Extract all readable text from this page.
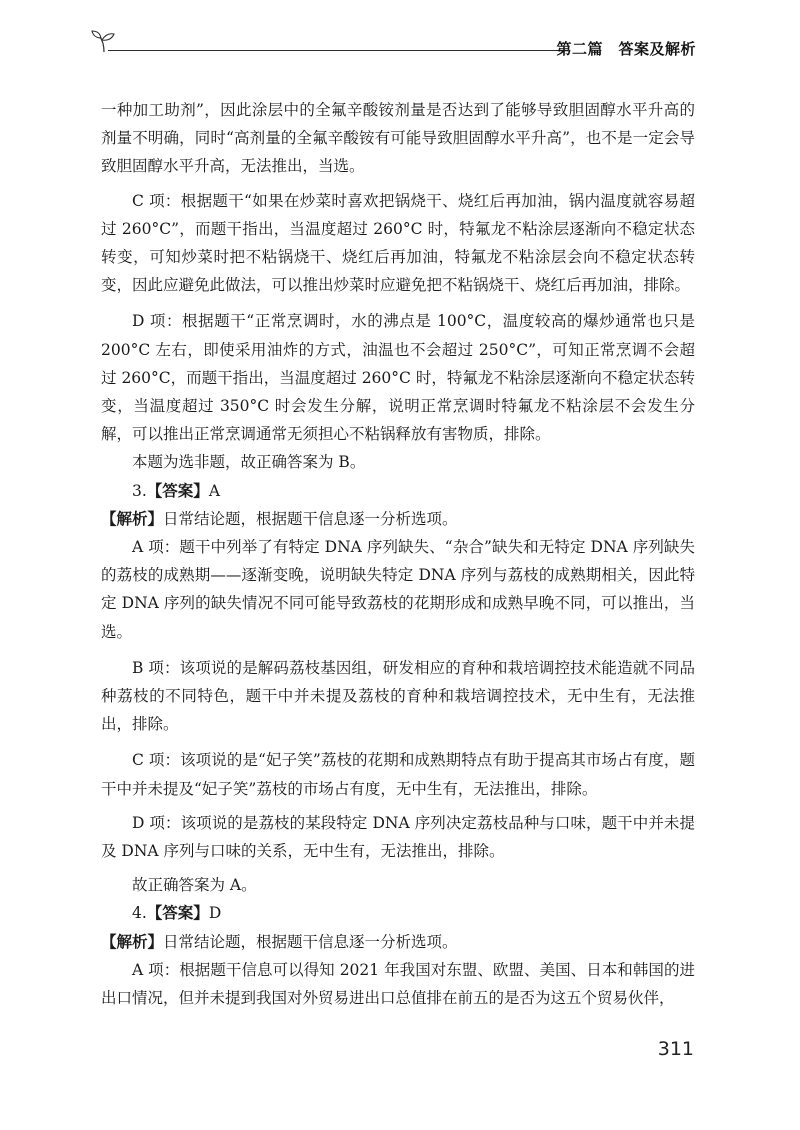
第二篇　答案及解析

一种加工助剂”，因此涂层中的全氟辛酸铵剂量是否达到了能够导致胆固醇水平升高的剂量不明确，同时“高剂量的全氟辛酸铵有可能导致胆固醇水平升高”，也不是一定会导致胆固醇水平升高，无法推出，当选。

C 项：根据题干“如果在炒菜时喜欢把锅烧干、烧红后再加油，锅内温度就容易超过 260°C”，而题干指出，当温度超过 260°C 时，特氟龙不粘涂层逐渐向不稳定状态转变，可知炒菜时把不粘锅烧干、烧红后再加油，特氟龙不粘涂层会向不稳定状态转变，因此应避免此做法，可以推出炒菜时应避免把不粘锅烧干、烧红后再加油，排除。

D 项：根据题干“正常烹调时，水的沸点是 100°C，温度较高的爆炒通常也只是 200°C 左右，即使采用油炸的方式，油温也不会超过 250°C”，可知正常烹调不会超过 260°C，而题干指出，当温度超过 260°C 时，特氟龙不粘涂层逐渐向不稳定状态转变，当温度超过 350°C 时会发生分解，说明正常烹调时特氟龙不粘涂层不会发生分解，可以推出正常烹调通常无须担心不粘锅释放有害物质，排除。

本题为选非题，故正确答案为 B。

3.【答案】A

【解析】日常结论题，根据题干信息逐一分析选项。

A 项：题干中列举了有特定 DNA 序列缺失、“杂合”缺失和无特定 DNA 序列缺失的荔枝的成熟期——逐渐变晚，说明缺失特定 DNA 序列与荔枝的成熟期相关，因此特定 DNA 序列的缺失情况不同可能导致荔枝的花期形成和成熟早晚不同，可以推出，当选。

B 项：该项说的是解码荔枝基因组，研发相应的育种和栽培调控技术能造就不同品种荔枝的不同特色，题干中并未提及荔枝的育种和栽培调控技术，无中生有，无法推出，排除。

C 项：该项说的是“妃子笑”荔枝的花期和成熟期特点有助于提高其市场占有度，题干中并未提及“妃子笑”荔枝的市场占有度，无中生有，无法推出，排除。

D 项：该项说的是荔枝的某段特定 DNA 序列决定荔枝品种与口味，题干中并未提及 DNA 序列与口味的关系，无中生有，无法推出，排除。

故正确答案为 A。

4.【答案】D

【解析】日常结论题，根据题干信息逐一分析选项。

A 项：根据题干信息可以得知 2021 年我国对东盟、欧盟、美国、日本和韩国的进出口情况，但并未提到我国对外贸易进出口总值排在前五的是否为这五个贸易伙伴，

311
